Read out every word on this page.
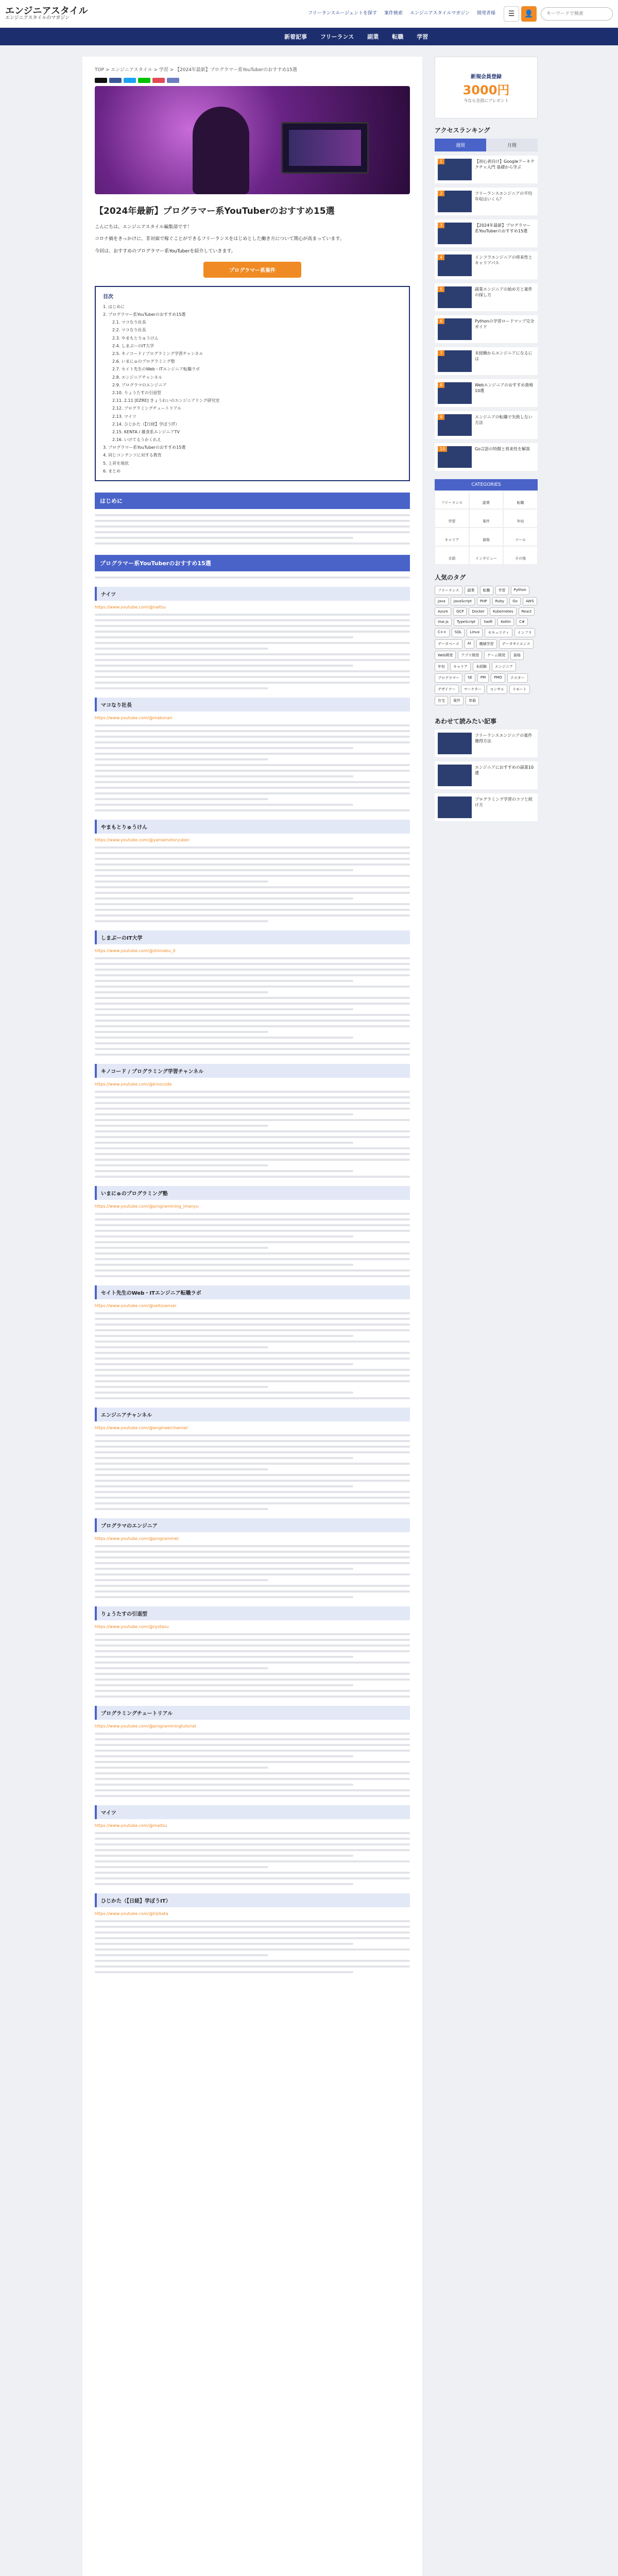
エンジニアスタイル
エンジニアスタイルのマガジン
フリーランスエージェントを探す 案件検索 エンジニアスタイルマガジン 開発者様	☰	👤
キーワードで検索
新着記事 フリーランス 副業 転職 学習
TOP > エンジニアスタイル > 学習 > 【2024年最新】プログラマー系YouTuberのおすすめ15選
【2024年最新】プログラマー系YouTuberのおすすめ15選

こんにちは。エンジニアスタイル編集部です！

コロナ禍をきっかけに、非対面で稼ぐことができるフリーランスをはじめとした働き方について関心が高まっています。

今回は、おすすめのプログラマー系YouTuberを紹介していきます。

プログラマー系案件
目次
1. はじめに
2. プログラマー系YouTuberのおすすめ15選
2.1. マコなり社長
2.2. マコなり社長
2.3. やまもとりゅうけん
2.4. しまぶーのIT大学
2.5. キノコード / プログラミング学習チャンネル
2.6. いまにゅのプログラミング塾
2.7. セイト先生のWeb・ITエンジニア転職ラボ
2.8. エンジニアチャンネル
2.9. プログラマのエンジニア
2.10. りょうたすの引退型
2.11. 2.11 [EZRE] きょうれいのエンジニアリング研究室
2.12. プログラミングチュートリアル
2.13. マイツ
2.14. ひじかた（【日経】学ぼうIT）
2.15. KENTA / 雑食系エンジニアTV
2.16. いけてるうかくれえ
3. プログラマー系YouTuberのおすすめ15選
4. 同じコンテンツに対する教育
5. 上昇を現状
6. まとめ
はじめに
プログラマー系YouTuberのおすすめ15選
ナイツ
https://www.youtube.com/@naitsu
マコなり社長
https://www.youtube.com/@makonari
やまもとりゅうけん
https://www.youtube.com/@yamamotoryuken
しまぶーのIT大学
https://www.youtube.com/@shimabu_it
キノコード / プログラミング学習チャンネル
https://www.youtube.com/@kinocode
いまにゅのプログラミング塾
https://www.youtube.com/@programming_imanyu
セイト先生のWeb・ITエンジニア転職ラボ
https://www.youtube.com/@seitosensei
エンジニアチャンネル
https://www.youtube.com/@engineerchannel
プログラマのエンジニア
https://www.youtube.com/@programmer
りょうたすの引退型
https://www.youtube.com/@ryotasu
プログラミングチュートリアル
https://www.youtube.com/@programmingtutorial
マイツ
https://www.youtube.com/@maitsu
ひじかた（【日経】学ぼうIT）
https://www.youtube.com/@hijikata
新規会員登録
3000円
今なら全員にプレゼント
アクセスランキング
週間	月間
1	【初心者向け】Googleアーキテクチャ入門 基礎から学ぶ
2	フリーランスエンジニアの平均年収はいくら？
3	【2024年最新】プログラマー系YouTuberのおすすめ15選
4	インフラエンジニアの将来性とキャリアパス
5	副業エンジニアの始め方と案件の探し方
6	Pythonの学習ロードマップ完全ガイド
7	未経験からエンジニアになるには
8	Webエンジニアのおすすめ資格10選
9	エンジニアの転職で失敗しない方法
10	Go言語の特徴と将来性を解説
CATEGORIES
フリーランス	副業	転職
学習	案件	年収
キャリア	資格	ツール
言語	インタビュー	その他
人気のタグ
フリーランス	副業	転職	学習	Python
Java	JavaScript	PHP	Ruby	Go	AWS
Azure	GCP	Docker	Kubernetes	React
Vue.js	TypeScript	Swift	Kotlin	C#
C++	SQL	Linux	セキュリティ	インフラ
データベース	AI	機械学習	データサイエンス
Web開発	アプリ開発	ゲーム開発	資格
年収	キャリア	未経験	エンジニア
プログラマー	SE	PM	PMO	テスター
デザイナー	マーケター	コンサル	リモート
在宅	案件	単価
あわせて読みたい記事
フリーランスエンジニアの案件獲得方法
エンジニアにおすすめの副業10選
プログラミング学習のコツと続け方
